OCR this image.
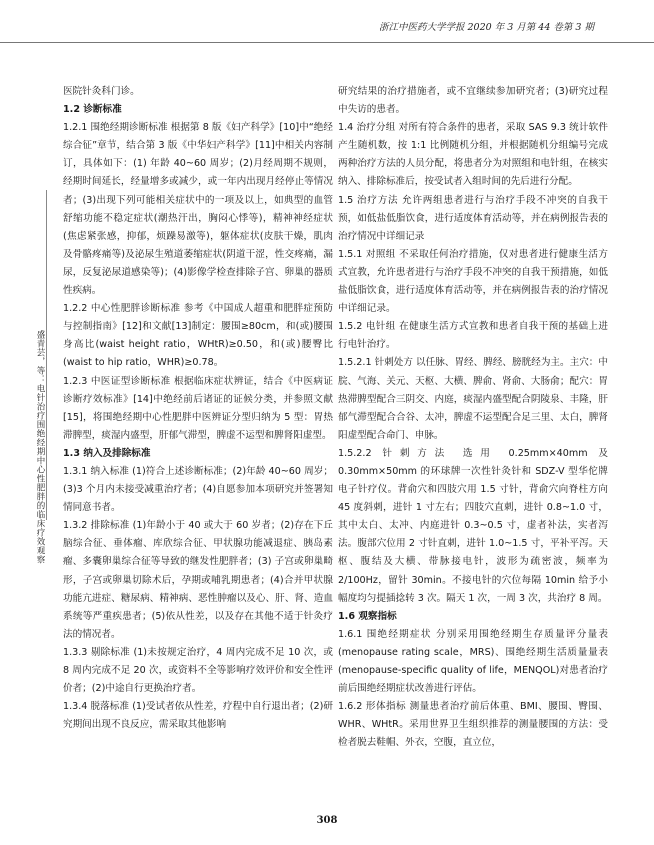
浙江中医药大学学报 2020 年 3 月第 44 卷第 3 期
盛青芸，等：电针治疗围绝经期中心性肥胖的临床疗效观察

医院针灸科门诊。

1.2 诊断标准

1.2.1 围绝经期诊断标准 根据第 8 版《妇产科学》[10]中“绝经综合征”章节，结合第 3 版《中华妇产科学》[11]中相关内容制订，具体如下：(1) 年龄 40~60 周岁；(2)月经周期不规则，经期时间延长，经量增多或减少，或一年内出现月经停止等情况者；(3)出现下列可能相关症状中的一项及以上，如典型的血管舒缩功能不稳定症状(潮热汗出，胸闷心悸等)，精神神经症状(焦虑紧张感，抑郁，烦躁易激等)，躯体症状(皮肤干燥，肌肉及骨骼疼痛等)及泌尿生殖道萎缩症状(阴道干涩，性交疼痛，漏尿，反复泌尿道感染等)；(4)影像学检查排除子宫、卵巢的器质性疾病。

1.2.2 中心性肥胖诊断标准 参考《中国成人超重和肥胖症预防与控制指南》[12]和文献[13]制定：腰围≥80cm，和(或)腰围身高比(waist height ratio，WHtR)≥0.50，和(或)腰臀比(waist to hip ratio，WHR)≥0.78。

1.2.3 中医证型诊断标准 根据临床症状辨证，结合《中医病证诊断疗效标准》[14]中绝经前后诸证的证候分类，并参照文献[15]，将围绝经期中心性肥胖中医辨证分型归纳为 5 型：胃热滞脾型，痰湿内盛型，肝郁气滞型，脾虚不运型和脾肾阳虚型。

1.3 纳入及排除标准

1.3.1 纳入标准 (1)符合上述诊断标准；(2)年龄 40~60 周岁；(3)3 个月内未接受减重治疗者；(4)自愿参加本项研究并签署知情同意书者。

1.3.2 排除标准 (1)年龄小于 40 或大于 60 岁者；(2)存在下丘脑综合征、垂体瘤、库欣综合征、甲状腺功能减退症、胰岛素瘤、多囊卵巢综合征等导致的继发性肥胖者；(3) 子宫或卵巢畸形，子宫或卵巢切除术后，孕期或哺乳期患者；(4)合并甲状腺功能亢进症、糖尿病、精神病、恶性肿瘤以及心、肝、肾、造血系统等严重疾患者；(5)依从性差，以及存在其他不适于针灸疗法的情况者。

1.3.3 剔除标准 (1)未按规定治疗，4 周内完成不足 10 次，或 8 周内完成不足 20 次，或资料不全等影响疗效评价和安全性评价者；(2)中途自行更换治疗者。

1.3.4 脱落标准 (1)受试者依从性差，疗程中自行退出者；(2)研究期间出现不良反应，需采取其他影响

研究结果的治疗措施者，或不宜继续参加研究者；(3)研究过程中失访的患者。

1.4 治疗分组 对所有符合条件的患者，采取 SAS 9.3 统计软件产生随机数，按 1:1 比例随机分组，并根据随机分组编号完成两种治疗方法的人员分配，将患者分为对照组和电针组，在核实纳入、排除标准后，按受试者入组时间的先后进行分配。

1.5 治疗方法 允许两组患者进行与治疗手段不冲突的自我干预，如低盐低脂饮食，进行适度体育活动等，并在病例报告表的治疗情况中详细记录

1.5.1 对照组 不采取任何治疗措施，仅对患者进行健康生活方式宣教，允许患者进行与治疗手段不冲突的自我干预措施，如低盐低脂饮食，进行适度体育活动等，并在病例报告表的治疗情况中详细记录。

1.5.2 电针组 在健康生活方式宣教和患者自我干预的基础上进行电针治疗。

1.5.2.1 针刺处方 以任脉、胃经、脾经、膀胱经为主。主穴：中脘、气海、关元、天枢、大横、脾俞、肾俞、大肠俞；配穴：胃热滞脾型配合三阴交、内庭，痰湿内盛型配合阴陵泉、丰隆，肝郁气滞型配合合谷、太冲，脾虚不运型配合足三里、太白，脾肾阳虚型配合命门、申脉。

1.5.2.2 针刺方法 选用 0.25mm×40mm 及 0.30mm×50mm 的环球牌一次性针灸针和 SDZ-V 型华佗牌电子针疗仪。背俞穴和四肢穴用 1.5 寸针，背俞穴向脊柱方向 45 度斜刺，进针 1 寸左右；四肢穴直刺，进针 0.8~1.0 寸，其中太白、太冲、内庭进针 0.3~0.5 寸，虚者补法，实者泻法。腹部穴位用 2 寸针直刺，进针 1.0~1.5 寸，平补平泻。天枢、腹结及大横、带脉接电针，波形为疏密波，频率为 2/100Hz，留针 30min。不接电针的穴位每隔 10min 给予小幅度均匀提插捻转 3 次。隔天 1 次，一周 3 次，共治疗 8 周。

1.6 观察指标

1.6.1 围绝经期症状 分别采用围绝经期生存质量评分量表(menopause rating scale，MRS)、围绝经期生活质量量表(menopause-specific quality of life，MENQOL)对患者治疗前后围绝经期症状改善进行评估。

1.6.2 形体指标 测量患者治疗前后体重、BMI、腰围、臀围、WHR、WHtR。采用世界卫生组织推荐的测量腰围的方法：受检者脱去鞋帽、外衣，空腹，直立位，

308
